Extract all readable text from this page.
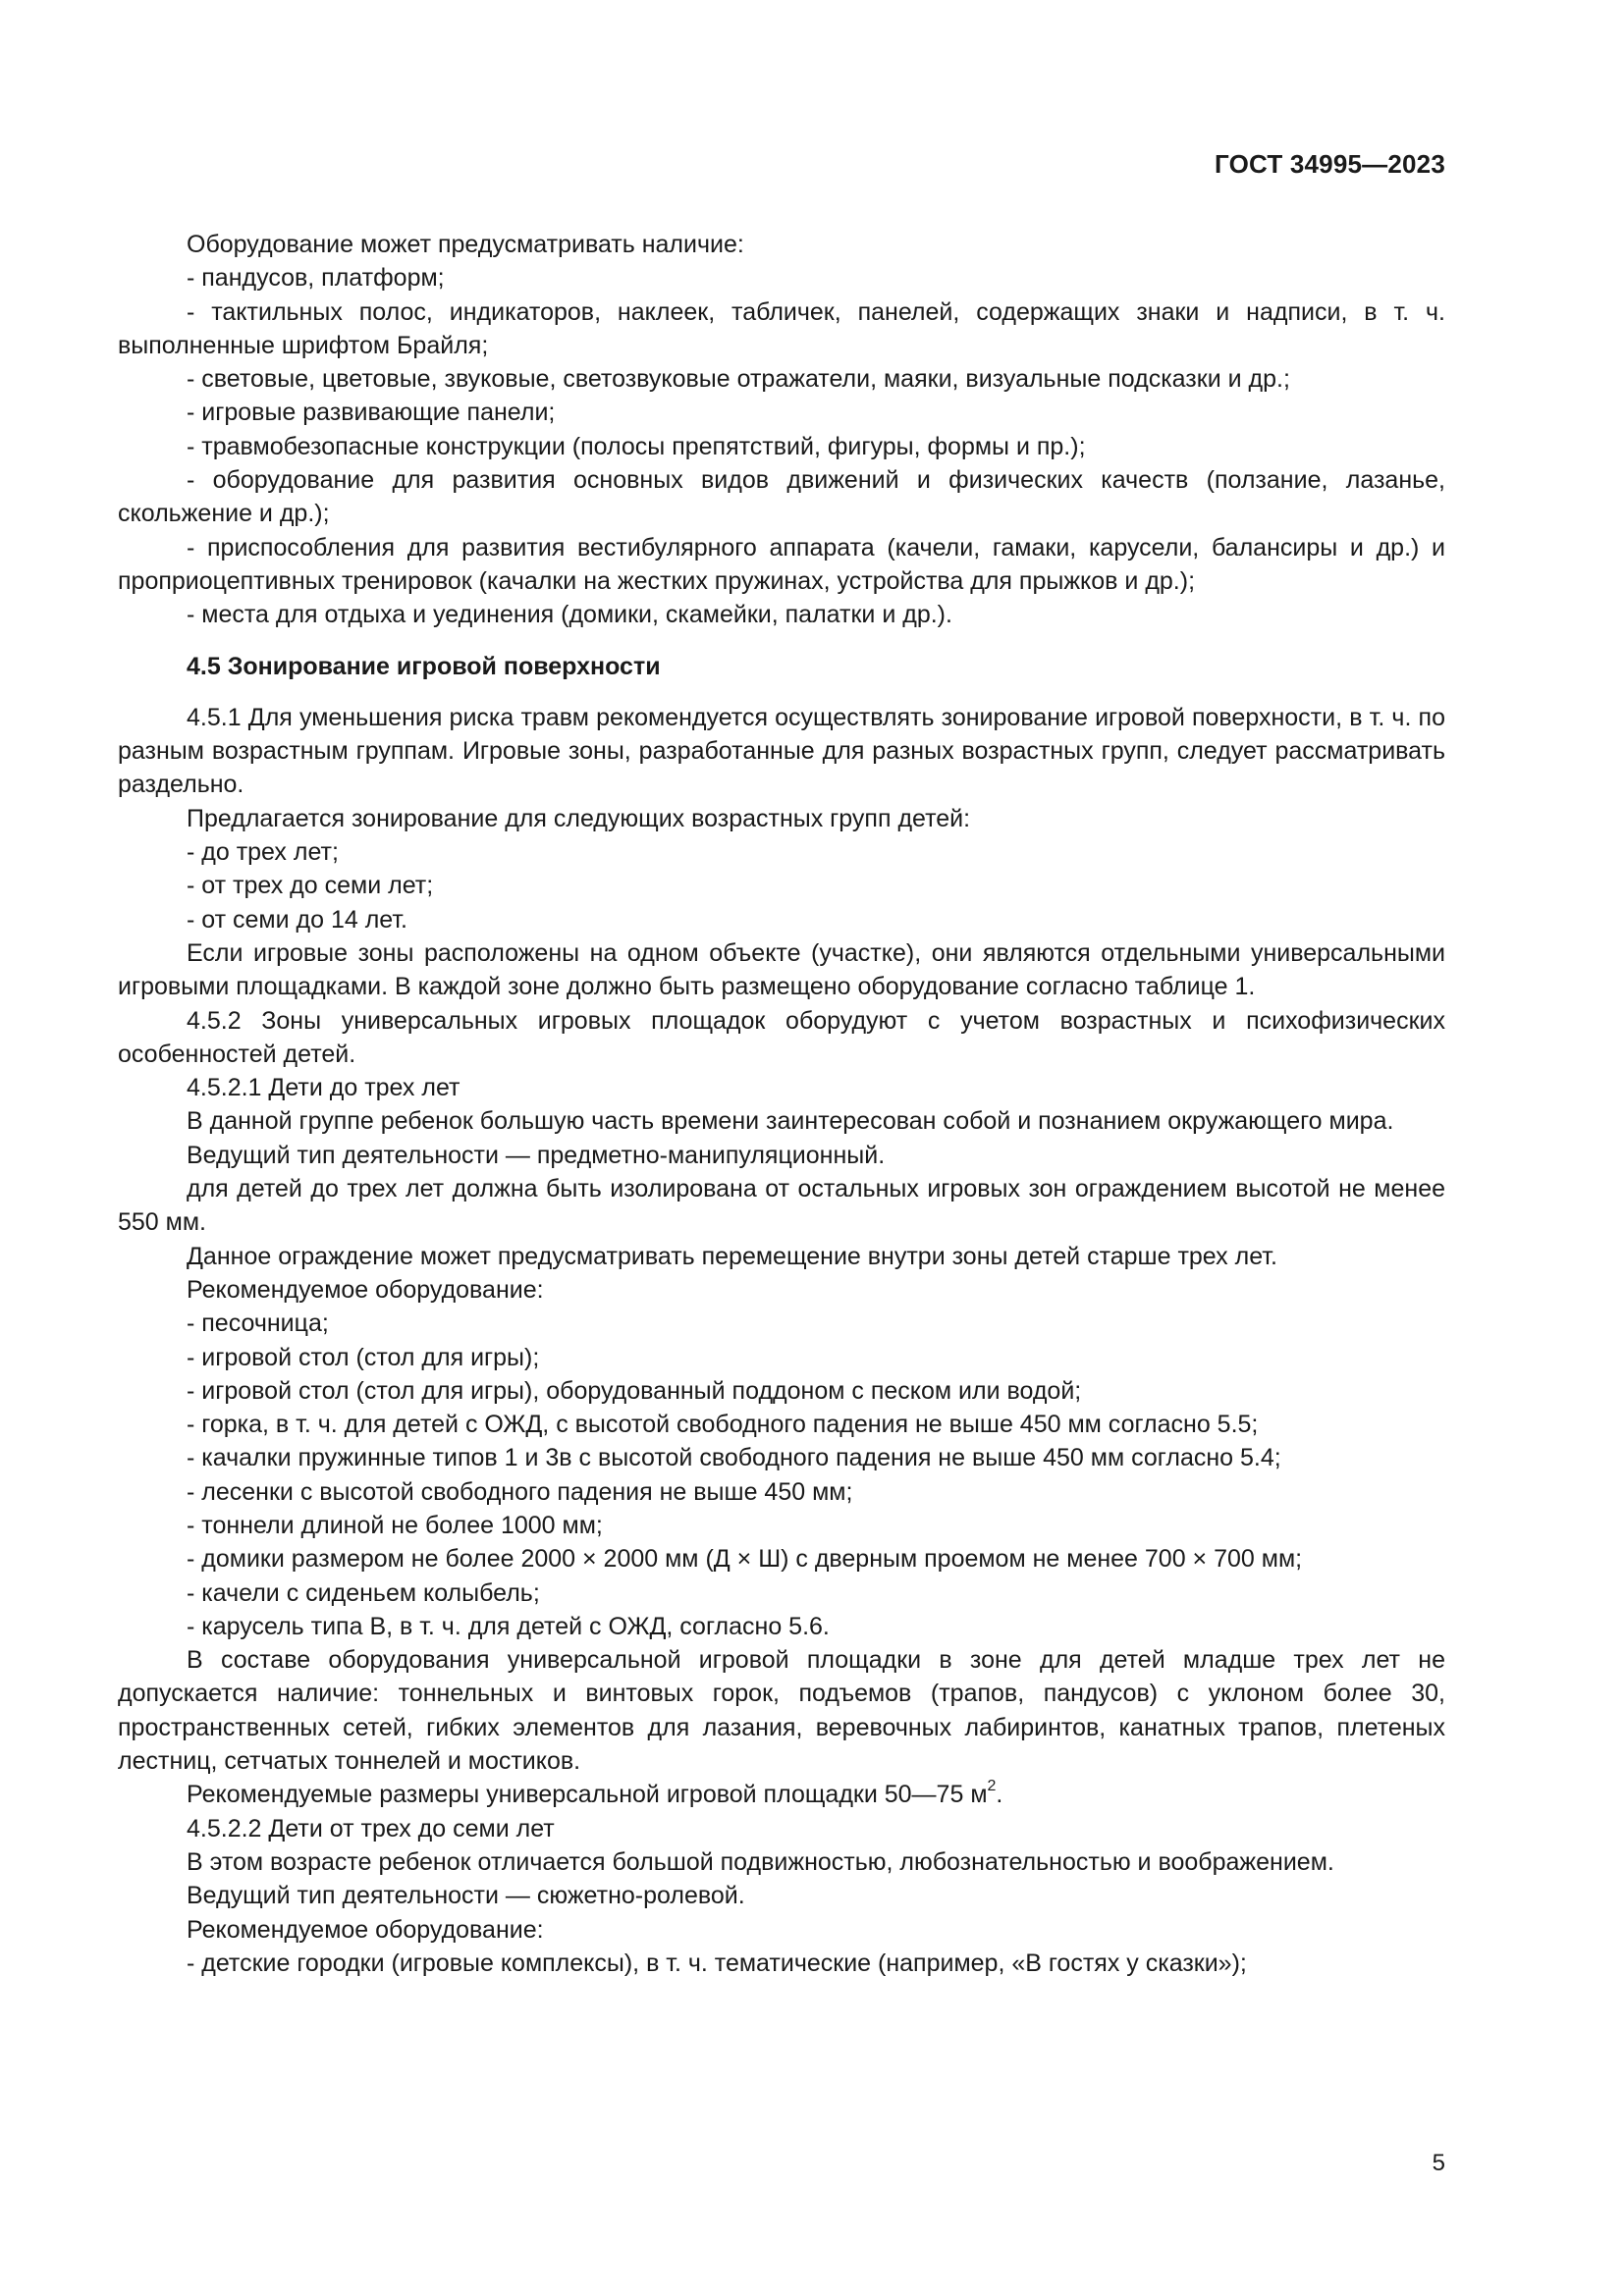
ГОСТ 34995—2023

Оборудование может предусматривать наличие:

- пандусов, платформ;

- тактильных полос, индикаторов, наклеек, табличек, панелей, содержащих знаки и надписи, в т. ч. выполненные шрифтом Брайля;

- световые, цветовые, звуковые, светозвуковые отражатели, маяки, визуальные подсказки и др.;

- игровые развивающие панели;

- травмобезопасные конструкции (полосы препятствий, фигуры, формы и пр.);

- оборудование для развития основных видов движений и физических качеств (ползание, лазанье, скольжение и др.);

- приспособления для развития вестибулярного аппарата (качели, гамаки, карусели, балансиры и др.) и проприоцептивных тренировок (качалки на жестких пружинах, устройства для прыжков и др.);

- места для отдыха и уединения (домики, скамейки, палатки и др.).

4.5 Зонирование игровой поверхности

4.5.1 Для уменьшения риска травм рекомендуется осуществлять зонирование игровой поверхности, в т. ч. по разным возрастным группам. Игровые зоны, разработанные для разных возрастных групп, следует рассматривать раздельно.

Предлагается зонирование для следующих возрастных групп детей:

- до трех лет;

- от трех до семи лет;

- от семи до 14 лет.

Если игровые зоны расположены на одном объекте (участке), они являются отдельными универсальными игровыми площадками. В каждой зоне должно быть размещено оборудование согласно таблице 1.

4.5.2 Зоны универсальных игровых площадок оборудуют с учетом возрастных и психофизических особенностей детей.

4.5.2.1 Дети до трех лет

В данной группе ребенок большую часть времени заинтересован собой и познанием окружающего мира.

Ведущий тип деятельности — предметно-манипуляционный.

для детей до трех лет должна быть изолирована от остальных игровых зон ограждением высотой не менее 550 мм.

Данное ограждение может предусматривать перемещение внутри зоны детей старше трех лет.

Рекомендуемое оборудование:

- песочница;

- игровой стол (стол для игры);

- игровой стол (стол для игры), оборудованный поддоном с песком или водой;

- горка, в т. ч. для детей с ОЖД, с высотой свободного падения не выше 450 мм согласно 5.5;

- качалки пружинные типов 1 и 3в с высотой свободного падения не выше 450 мм согласно 5.4;

- лесенки с высотой свободного падения не выше 450 мм;

- тоннели длиной не более 1000 мм;

- домики размером не более 2000 × 2000 мм (Д × Ш) с дверным проемом не менее 700 × 700 мм;

- качели с сиденьем колыбель;

- карусель типа В, в т. ч. для детей с ОЖД, согласно 5.6.

В составе оборудования универсальной игровой площадки в зоне для детей младше трех лет не допускается наличие: тоннельных и винтовых горок, подъемов (трапов, пандусов) с уклоном более 30, пространственных сетей, гибких элементов для лазания, веревочных лабиринтов, канатных трапов, плетеных лестниц, сетчатых тоннелей и мостиков.

Рекомендуемые размеры универсальной игровой площадки 50—75 $м^2$.

4.5.2.2 Дети от трех до семи лет

В этом возрасте ребенок отличается большой подвижностью, любознательностью и воображением.

Ведущий тип деятельности — сюжетно-ролевой.

Рекомендуемое оборудование:

- детские городки (игровые комплексы), в т. ч. тематические (например, «В гостях у сказки»);

5
